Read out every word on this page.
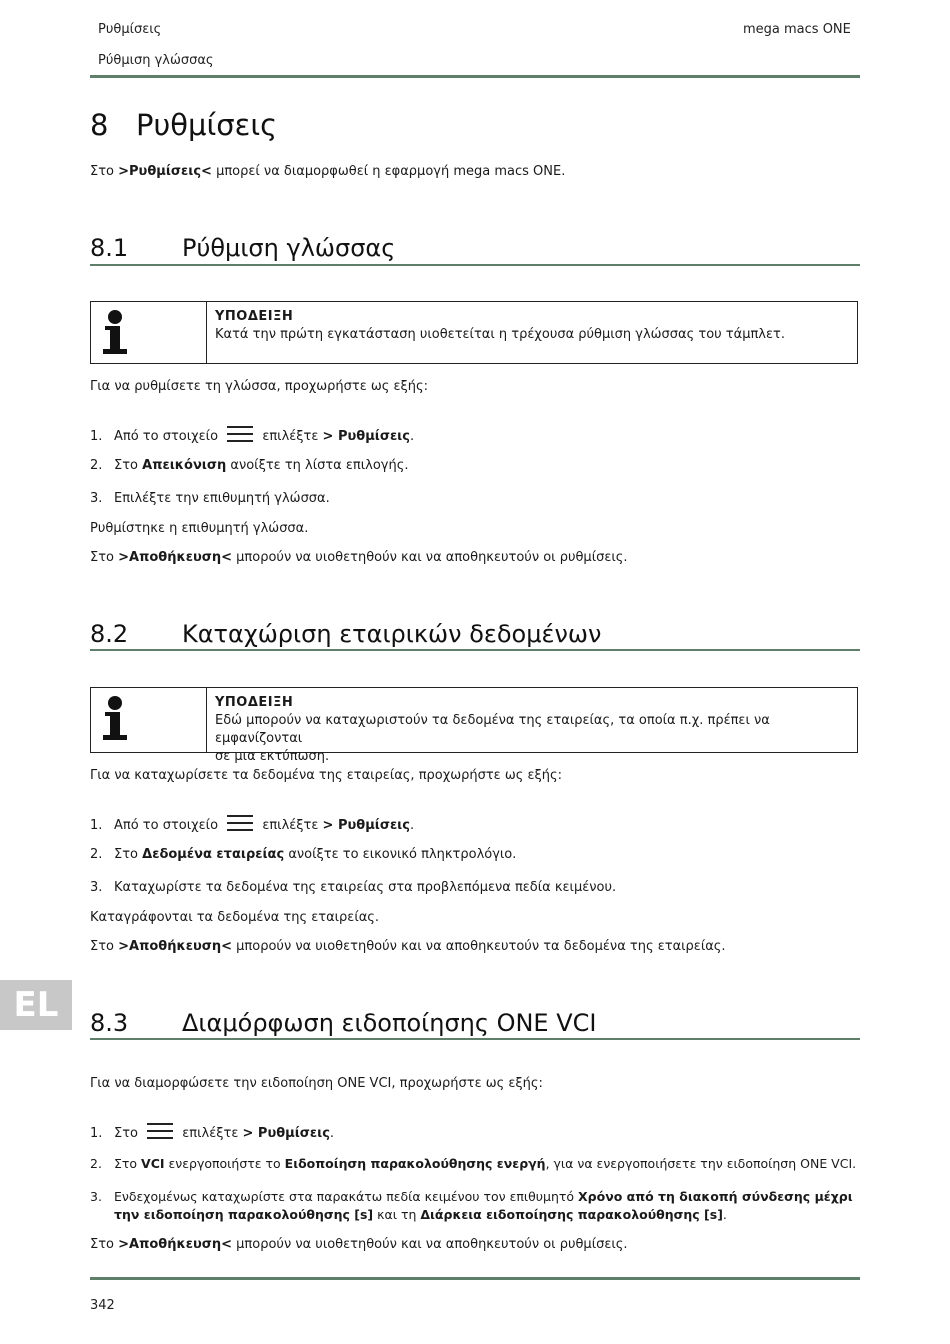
Ρυθμίσεις
Ρύθμιση γλώσσας
mega macs ONE
8 Ρυθμίσεις
Στο >Ρυθμίσεις< μπορεί να διαμορφωθεί η εφαρμογή mega macs ONE.
8.1 Ρύθμιση γλώσσας
ΥΠΟΔΕΙΞΗ
Κατά την πρώτη εγκατάσταση υιοθετείται η τρέχουσα ρύθμιση γλώσσας του τάμπλετ.
Για να ρυθμίσετε τη γλώσσα, προχωρήστε ως εξής:
1. Από το στοιχείο	επιλέξτε > Ρυθμίσεις.
2. Στο Απεικόνιση ανοίξτε τη λίστα επιλογής.
3. Επιλέξτε την επιθυμητή γλώσσα.
Ρυθμίστηκε η επιθυμητή γλώσσα.
Στο >Αποθήκευση< μπορούν να υιοθετηθούν και να αποθηκευτούν οι ρυθμίσεις.
8.2 Καταχώριση εταιρικών δεδομένων
ΥΠΟΔΕΙΞΗ
Εδώ μπορούν να καταχωριστούν τα δεδομένα της εταιρείας, τα οποία π.χ. πρέπει να εμφανίζονται
σε μια εκτύπωση.
Για να καταχωρίσετε τα δεδομένα της εταιρείας, προχωρήστε ως εξής:
1. Από το στοιχείο	επιλέξτε > Ρυθμίσεις.
2. Στο Δεδομένα εταιρείας ανοίξτε το εικονικό πληκτρολόγιο.
3. Καταχωρίστε τα δεδομένα της εταιρείας στα προβλεπόμενα πεδία κειμένου.
Καταγράφονται τα δεδομένα της εταιρείας.
Στο >Αποθήκευση< μπορούν να υιοθετηθούν και να αποθηκευτούν τα δεδομένα της εταιρείας.
EL	8.3 Διαμόρφωση ειδοποίησης ONE VCI
Για να διαμορφώσετε την ειδοποίηση ONE VCI, προχωρήστε ως εξής:
1. Στο	επιλέξτε > Ρυθμίσεις.
2. Στο VCI ενεργοποιήστε το Ειδοποίηση παρακολούθησης ενεργή, για να ενεργοποιήσετε την ειδοποίηση ONE VCI.
3. Ενδεχομένως καταχωρίστε στα παρακάτω πεδία κειμένου τον επιθυμητό Χρόνο από τη διακοπή σύνδεσης μέχρι
την ειδοποίηση παρακολούθησης [s] και τη Διάρκεια ειδοποίησης παρακολούθησης [s].
Στο >Αποθήκευση< μπορούν να υιοθετηθούν και να αποθηκευτούν οι ρυθμίσεις.
342
